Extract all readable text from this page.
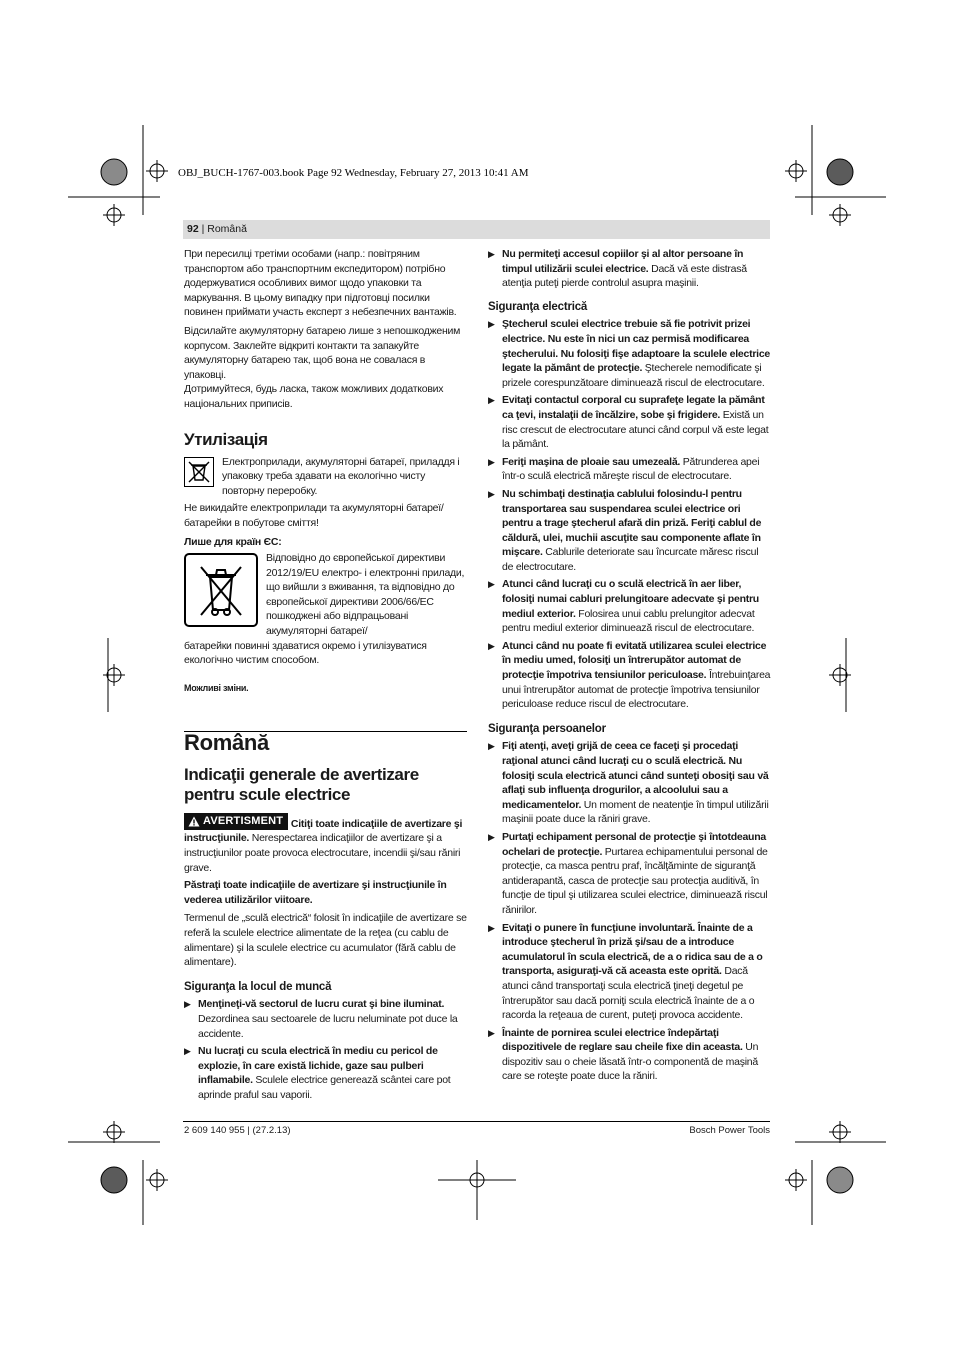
OBJ_BUCH-1767-003.book Page 92 Wednesday, February 27, 2013 10:41 AM
92 | Română

При пересилці третіми особами (напр.: повітряним транспортом або транспортним експедитором) потрібно додержуватися особливих вимог щодо упаковки та маркування. В цьому випадку при підготовці посилки повинен приймати участь експерт з небезпечних вантажів.

Відсилайте акумуляторну батарею лише з непошкодженим корпусом. Заклейте відкриті контакти та запакуйте акумуляторну батарею так, щоб вона не совалася в упаковці.

Дотримуйтеся, будь ласка, також можливих додаткових національних приписів.

Утилізація

Електроприлади, акумуляторні батареї, приладдя і упаковку треба здавати на екологічно чисту повторну переробку.

Не викидайте електроприлади та акумуляторні батареї/батарейки в побутове сміття!

Лише для країн ЄС:

Відповідно до європейської директиви 2012/19/EU електро- і електронні прилади, що вийшли з вживання, та відповідно до європейської директиви 2006/66/EC пошкоджені або відпрацьовані акумуляторні батареї/

батарейки повинні здаватися окремо і утилізуватися екологічно чистим способом.

Можливі зміни.

Română
Indicaţii generale de avertizare pentru scule electrice

AVERTISMENT Citiţi toate indicaţiile de avertizare şi instrucţiunile. Nerespectarea indicaţiilor de avertizare şi a instrucţiunilor poate provoca electrocutare, incendii şi/sau răniri grave.

Păstraţi toate indicaţiile de avertizare şi instrucţiunile în vederea utilizărilor viitoare.

Termenul de „sculă electrică“ folosit în indicaţiile de avertizare se referă la sculele electrice alimentate de la reţea (cu cablu de alimentare) şi la sculele electrice cu acumulator (fără cablu de alimentare).

Siguranţa la locul de muncă
▶ Menţineţi-vă sectorul de lucru curat şi bine iluminat. Dezordinea sau sectoarele de lucru neluminate pot duce la accidente.
▶ Nu lucraţi cu scula electrică în mediu cu pericol de explozie, în care există lichide, gaze sau pulberi inflamabile. Sculele electrice generează scântei care pot aprinde praful sau vaporii.
▶ Nu permiteţi accesul copiilor şi al altor persoane în timpul utilizării sculei electrice. Dacă vă este distrasă atenţia puteţi pierde controlul asupra maşinii.
Siguranţa electrică
▶ Ştecherul sculei electrice trebuie să fie potrivit prizei electrice. Nu este în nici un caz permisă modificarea ştecherului. Nu folosiţi fişe adaptoare la sculele electrice legate la pământ de protecţie. Ştecherele nemodificate şi prizele corespunzătoare diminuează riscul de electrocutare.
▶ Evitaţi contactul corporal cu suprafeţe legate la pământ ca ţevi, instalaţii de încălzire, sobe şi frigidere. Există un risc crescut de electrocutare atunci când corpul vă este legat la pământ.
▶ Feriţi maşina de ploaie sau umezeală. Pătrunderea apei într-o sculă electrică măreşte riscul de electrocutare.
▶ Nu schimbaţi destinaţia cablului folosindu-l pentru transportarea sau suspendarea sculei electrice ori pentru a trage ştecherul afară din priză. Feriţi cablul de căldură, ulei, muchii ascuţite sau componente aflate în mişcare. Cablurile deteriorate sau încurcate măresc riscul de electrocutare.
▶ Atunci când lucraţi cu o sculă electrică în aer liber, folosiţi numai cabluri prelungitoare adecvate şi pentru mediul exterior. Folosirea unui cablu prelungitor adecvat pentru mediul exterior diminuează riscul de electrocutare.
▶ Atunci când nu poate fi evitată utilizarea sculei electrice în mediu umed, folosiţi un întrerupător automat de protecţie împotriva tensiunilor periculoase. Întrebuinţarea unui întrerupător automat de protecţie împotriva tensiunilor periculoase reduce riscul de electrocutare.
Siguranţa persoanelor
▶ Fiţi atenţi, aveţi grijă de ceea ce faceţi şi procedaţi raţional atunci când lucraţi cu o sculă electrică. Nu folosiţi scula electrică atunci când sunteţi obosiţi sau vă aflaţi sub influenţa drogurilor, a alcoolului sau a medicamentelor. Un moment de neatenţie în timpul utilizării maşinii poate duce la răniri grave.
▶ Purtaţi echipament personal de protecţie şi întotdeauna ochelari de protecţie. Purtarea echipamentului personal de protecţie, ca masca pentru praf, încălţăminte de siguranţă antiderapantă, casca de protecţie sau protecţia auditivă, în funcţie de tipul şi utilizarea sculei electrice, diminuează riscul rănirilor.
▶ Evitaţi o punere în funcţiune involuntară. Înainte de a introduce ştecherul în priză şi/sau de a introduce acumulatorul în scula electrică, de a o ridica sau de a o transporta, asiguraţi-vă că aceasta este oprită. Dacă atunci când transportaţi scula electrică ţineţi degetul pe întrerupător sau dacă porniţi scula electrică înainte de a o racorda la reţeaua de curent, puteţi provoca accidente.
▶ Înainte de pornirea sculei electrice îndepărtaţi dispozitivele de reglare sau cheile fixe din aceasta. Un dispozitiv sau o cheie lăsată într-o componentă de maşină care se roteşte poate duce la răniri.
2 609 140 955 | (27.2.13)	Bosch Power Tools
